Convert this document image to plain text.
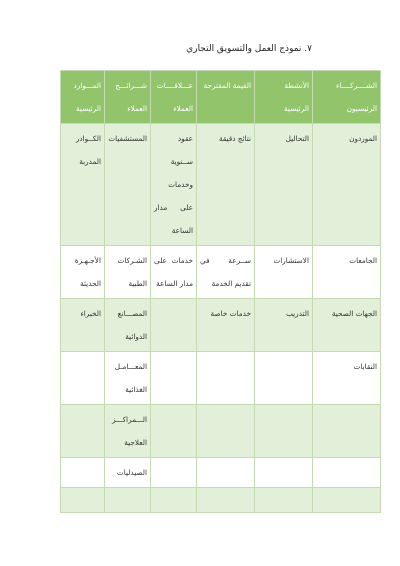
٧. نموذج العمل والتسويق التجاري
الشــــركــــاء الرئيسيون	الأنشطة الرئيسية	القيمة المقترحة	عـــلاقــــات العملاء	شـــرائـــح العملاء	المـــوارد الرئيسية
الموردون	التحاليل	نتائج دقيقة	عقود ســنوية وخدمات على مدار الساعة	المستشفيات	الكــوادر المدربة
الجامعات	الاستشارات	ســرعة في تقديم الخدمة	خدمات على مدار الساعة	الشـركات الطبية	الأجـهـزة الحديثة
الجهات الصحية	التدريب	خدمات خاصة		المصـــانع الدوائية	الخبراء
النقابات				المعـــامـل الغذائية	
				الـــمراكـــز العلاجية	
				الصيدليات	
